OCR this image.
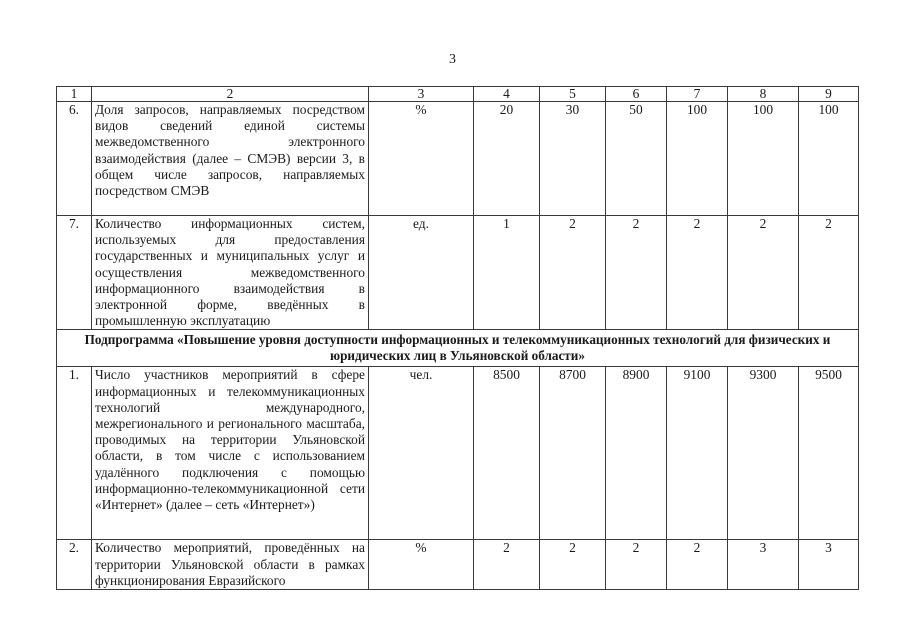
3
1	2	3	4	5	6	7	8	9
6.	Доля запросов, направляемых посредством видов сведений единой системы межведомственного электронного взаимодействия (далее – СМЭВ) версии 3, в общем числе запросов, направляемых посредством СМЭВ	%	20	30	50	100	100	100
7.	Количество информационных систем, используемых для предоставления государственных и муниципальных услуг и осуществления межведомственного информационного взаимодействия в электронной форме, введённых в промышленную эксплуатацию	ед.	1	2	2	2	2	2
Подпрограмма «Повышение уровня доступности информационных и телекоммуникационных технологий для физических и юридических лиц в Ульяновской области»								
1.	Число участников мероприятий в сфере информационных и телекоммуникационных технологий международного, межрегионального и регионального масштаба, проводимых на территории Ульяновской области, в том числе с использованием удалённого подключения с помощью информационно-телекоммуникационной сети «Интернет» (далее – сеть «Интернет»)	чел.	8500	8700	8900	9100	9300	9500
2.	Количество мероприятий, проведённых на территории Ульяновской области в рамках функционирования Евразийского	%	2	2	2	2	3	3
